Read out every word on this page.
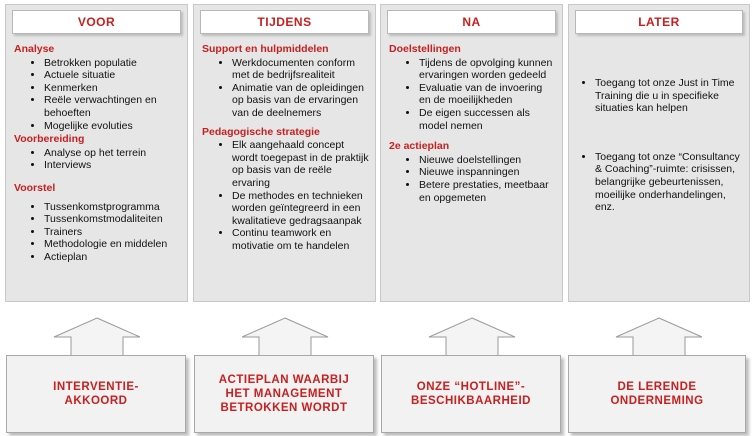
VOOR
Analyse
• Betrokken populatie
• Actuele situatie
• Kenmerken
• Reële verwachtingen en behoeften
• Mogelijke evoluties
Voorbereiding
• Analyse op het terrein
• Interviews
Voorstel
• Tussenkomstprogramma
• Tussenkomstmodaliteiten
• Trainers
• Methodologie en middelen
• Actieplan
TIJDENS
Support en hulpmiddelen
• Werkdocumenten conform met de bedrijfsrealiteit
• Animatie van de opleidingen op basis van de ervaringen van de deelnemers
Pedagogische strategie
• Elk aangehaald concept wordt toegepast in de praktijk op basis van de reële ervaring
• De methodes en technieken worden geïntegreerd in een kwalitatieve gedragsaanpak
• Continu teamwork en motivatie om te handelen
NA
Doelstellingen
• Tijdens de opvolging kunnen ervaringen worden gedeeld
• Evaluatie van de invoering en de moeilijkheden
• De eigen successen als model nemen
2e actieplan
• Nieuwe doelstellingen
• Nieuwe inspanningen
• Betere prestaties, meetbaar en opgemeten
LATER
• Toegang tot onze Just in Time Training die u in specifieke situaties kan helpen
• Toegang tot onze “Consultancy & Coaching”-ruimte: crisissen, belangrijke gebeurtenissen, moeilijke onderhandelingen, enz.
INTERVENTIE-
AKKOORD
ACTIEPLAN WAARBIJ
HET MANAGEMENT
BETROKKEN WORDT
ONZE “HOTLINE”-
BESCHIKBAARHEID
DE LERENDE
ONDERNEMING
